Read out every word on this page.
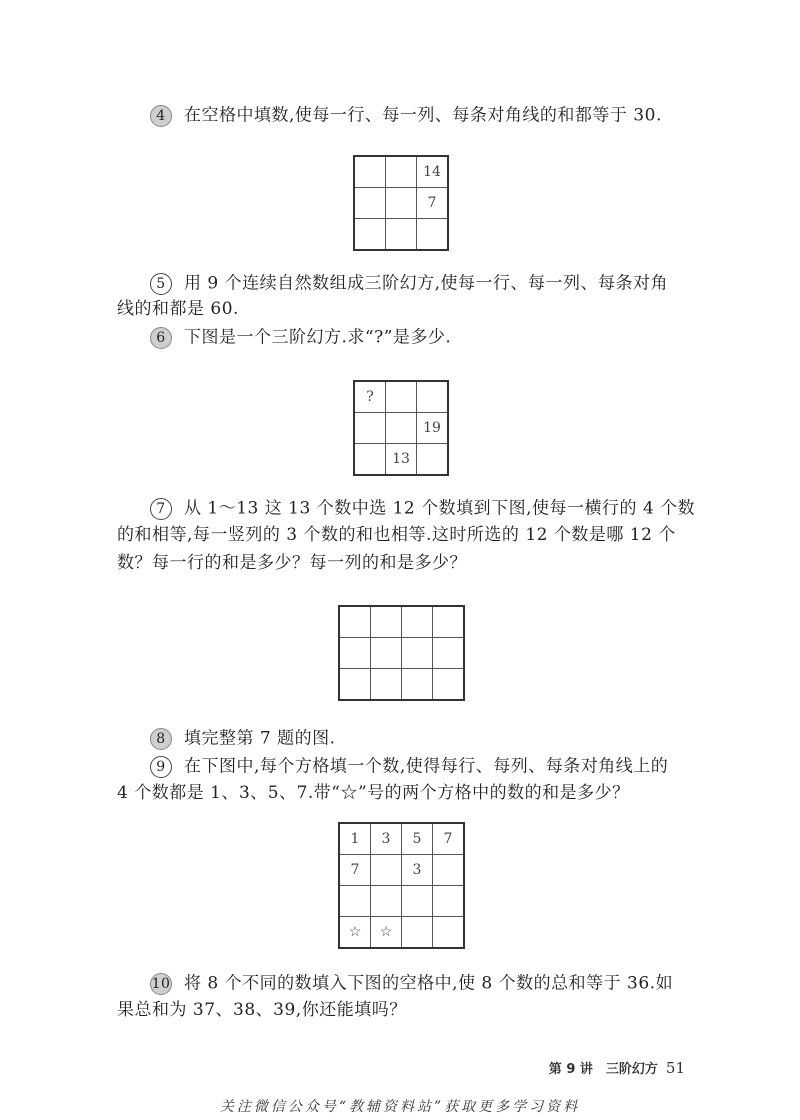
4 在空格中填数,使每一行、每一列、每条对角线的和都等于 30.
		14
		7

5 用 9 个连续自然数组成三阶幻方,使每一行、每一列、每条对角
线的和都是 60.
6 下图是一个三阶幻方.求“?”是多少.
?		
		19
	13	
7 从 1～13 这 13 个数中选 12 个数填到下图,使每一横行的 4 个数
的和相等,每一竖列的 3 个数的和也相等.这时所选的 12 个数是哪 12 个
数？每一行的和是多少？每一列的和是多少？

8 填完整第 7 题的图.
9 在下图中,每个方格填一个数,使得每行、每列、每条对角线上的
4 个数都是 1、3、5、7.带“☆”号的两个方格中的数的和是多少？
1	3	5	7
7		3	

☆	☆		
10 将 8 个不同的数填入下图的空格中,使 8 个数的总和等于 36.如
果总和为 37、38、39,你还能填吗？
第 9 讲　三阶幻方 51
关注微信公众号“教辅资料站”获取更多学习资料
